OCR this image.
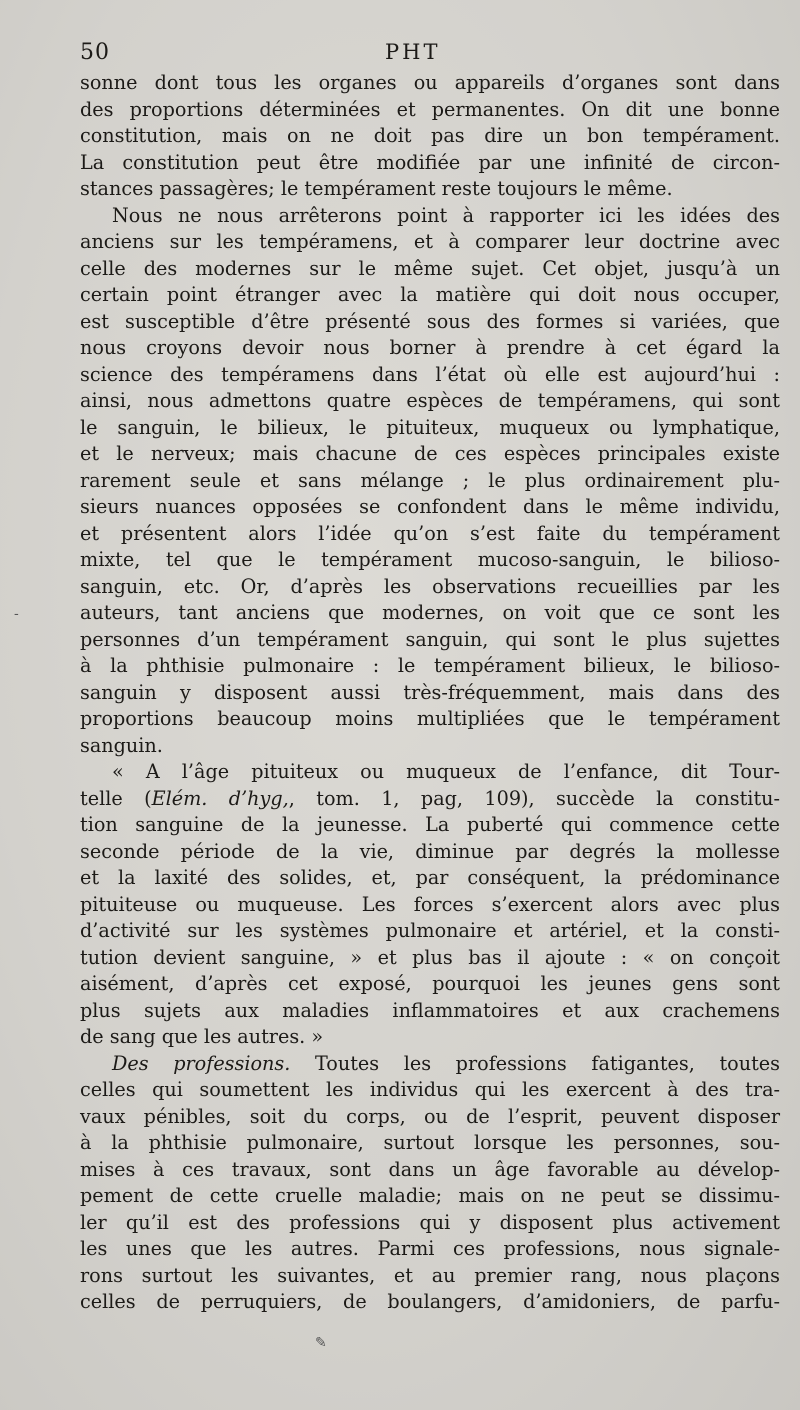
50	PHT
sonne dont tous les organes ou appareils d’organes sont dans
des proportions déterminées et permanentes. On dit une bonne
constitution, mais on ne doit pas dire un bon tempérament.
La constitution peut être modifiée par une infinité de circon-
stances passagères; le tempérament reste toujours le même.
Nous ne nous arrêterons point à rapporter ici les idées des
anciens sur les tempéramens, et à comparer leur doctrine avec
celle des modernes sur le même sujet. Cet objet, jusqu’à un
certain point étranger avec la matière qui doit nous occuper,
est susceptible d’être présenté sous des formes si variées, que
nous croyons devoir nous borner à prendre à cet égard la
science des tempéramens dans l’état où elle est aujourd’hui :
ainsi, nous admettons quatre espèces de tempéramens, qui sont
le sanguin, le bilieux, le pituiteux, muqueux ou lymphatique,
et le nerveux; mais chacune de ces espèces principales existe
rarement seule et sans mélange ; le plus ordinairement plu-
sieurs nuances opposées se confondent dans le même individu,
et présentent alors l’idée qu’on s’est faite du tempérament
mixte, tel que le tempérament mucoso-sanguin, le bilioso-
sanguin, etc. Or, d’après les observations recueillies par les
auteurs, tant anciens que modernes, on voit que ce sont les
personnes d’un tempérament sanguin, qui sont le plus sujettes
à la phthisie pulmonaire : le tempérament bilieux, le bilioso-
sanguin y disposent aussi très-fréquemment, mais dans des
proportions beaucoup moins multipliées que le tempérament
sanguin.
« A l’âge pituiteux ou muqueux de l’enfance, dit Tour-
telle (Elém. d’hyg,, tom. 1, pag, 109), succède la constitu-
tion sanguine de la jeunesse. La puberté qui commence cette
seconde période de la vie, diminue par degrés la mollesse
et la laxité des solides, et, par conséquent, la prédominance
pituiteuse ou muqueuse. Les forces s’exercent alors avec plus
d’activité sur les systèmes pulmonaire et artériel, et la consti-
tution devient sanguine, » et plus bas il ajoute : « on conçoit
aisément, d’après cet exposé, pourquoi les jeunes gens sont
plus sujets aux maladies inflammatoires et aux crachemens
de sang que les autres. »
Des professions. Toutes les professions fatigantes, toutes
celles qui soumettent les individus qui les exercent à des tra-
vaux pénibles, soit du corps, ou de l’esprit, peuvent disposer
à la phthisie pulmonaire, surtout lorsque les personnes, sou-
mises à ces travaux, sont dans un âge favorable au dévelop-
pement de cette cruelle maladie; mais on ne peut se dissimu-
ler qu’il est des professions qui y disposent plus activement
les unes que les autres. Parmi ces professions, nous signale-
rons surtout les suivantes, et au premier rang, nous plaçons
celles de perruquiers, de boulangers, d’amidoniers, de parfu-
-
✎
